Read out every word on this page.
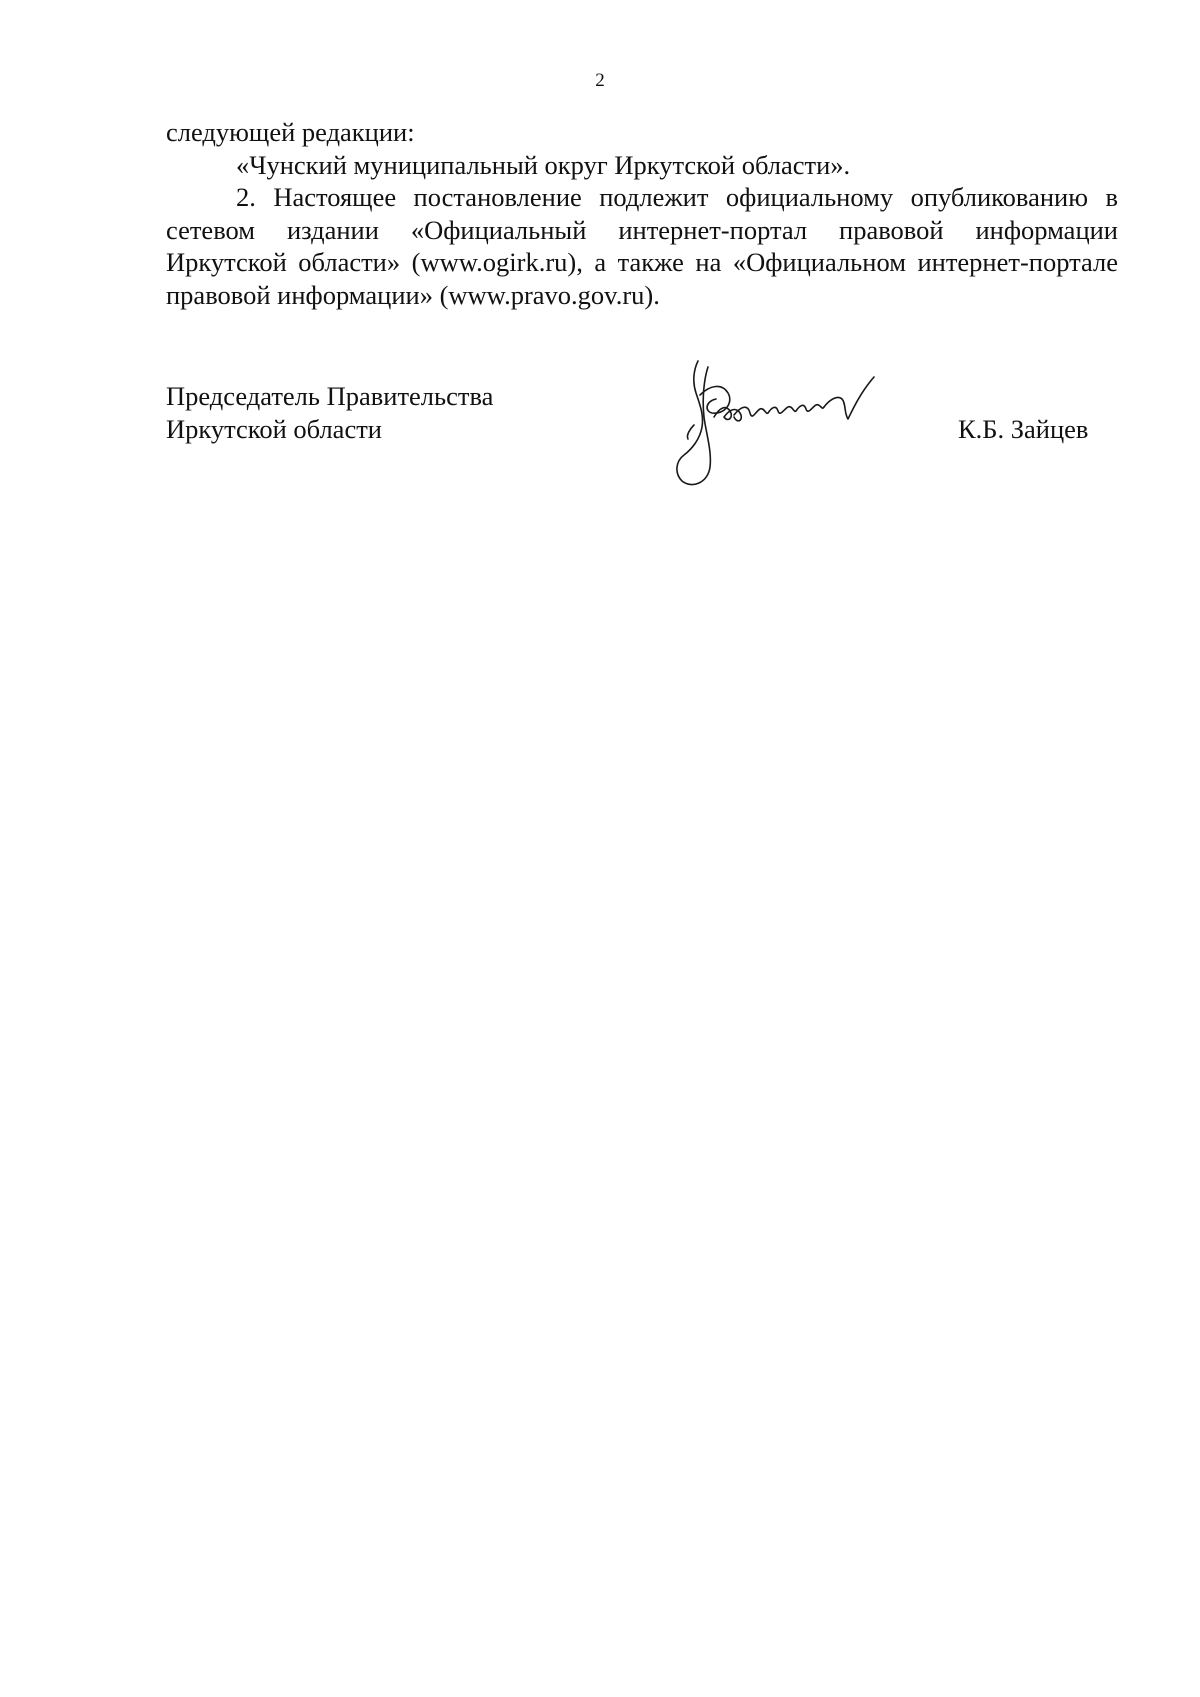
2

следующей редакции:

«Чунский муниципальный округ Иркутской области».

2. Настоящее постановление подлежит официальному опубликованию в сетевом издании «Официальный интернет-портал правовой информации Иркутской области» (www.ogirk.ru), а также на «Официальном интернет-портале правовой информации» (www.pravo.gov.ru).

Председатель Правительства
Иркутской области	К.Б. Зайцев
